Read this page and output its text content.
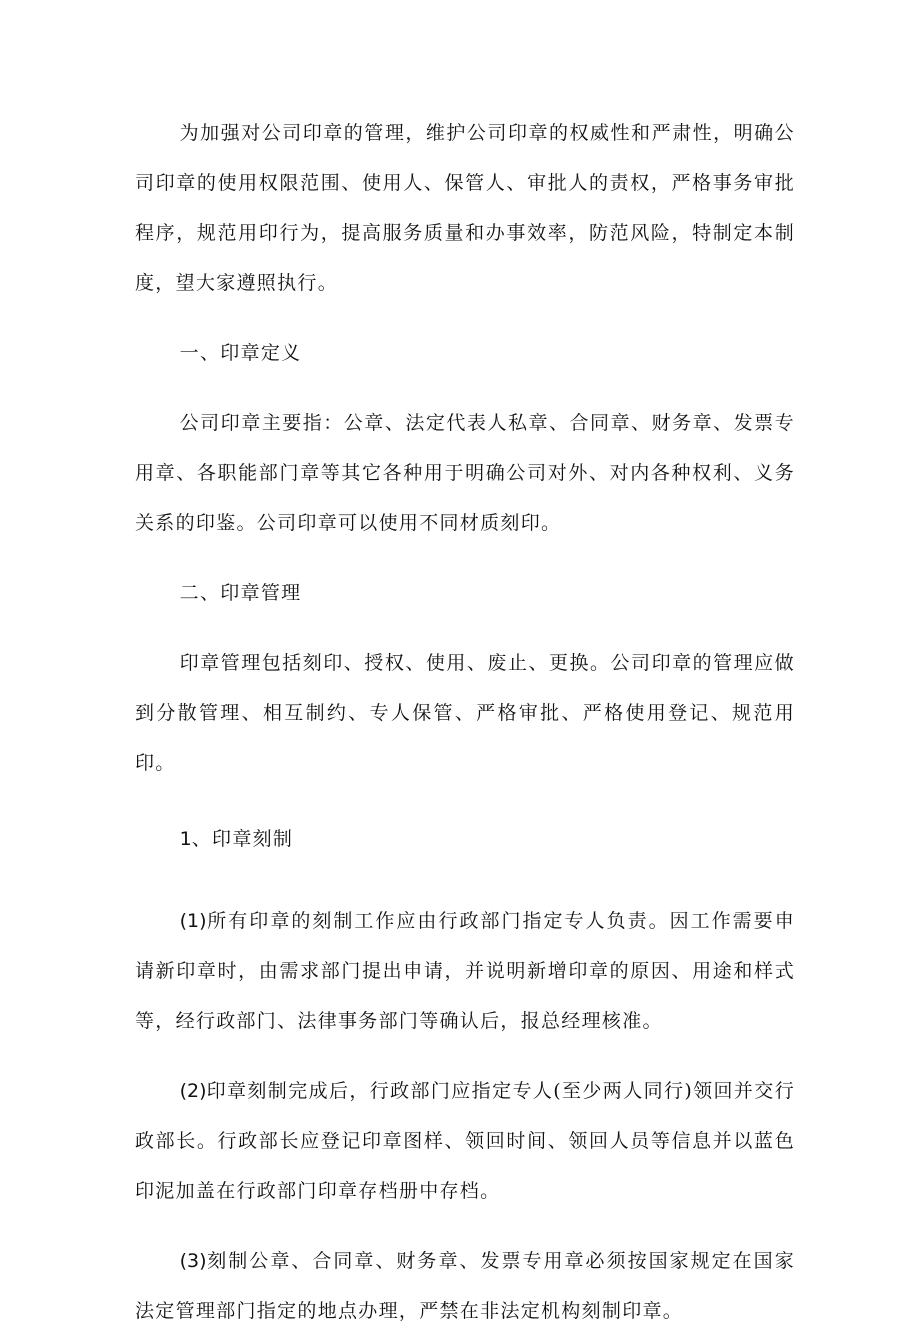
为加强对公司印章的管理，维护公司印章的权威性和严肃性，明确公司印章的使用权限范围、使用人、保管人、审批人的责权，严格事务审批程序，规范用印行为，提高服务质量和办事效率，防范风险，特制定本制度，望大家遵照执行。

一、印章定义

公司印章主要指：公章、法定代表人私章、合同章、财务章、发票专用章、各职能部门章等其它各种用于明确公司对外、对内各种权利、义务关系的印鉴。公司印章可以使用不同材质刻印。

二、印章管理

印章管理包括刻印、授权、使用、废止、更换。公司印章的管理应做到分散管理、相互制约、专人保管、严格审批、严格使用登记、规范用印。

1、印章刻制

(1)所有印章的刻制工作应由行政部门指定专人负责。因工作需要申请新印章时，由需求部门提出申请，并说明新增印章的原因、用途和样式等，经行政部门、法律事务部门等确认后，报总经理核准。

(2)印章刻制完成后，行政部门应指定专人(至少两人同行)领回并交行政部长。行政部长应登记印章图样、领回时间、领回人员等信息并以蓝色印泥加盖在行政部门印章存档册中存档。

(3)刻制公章、合同章、财务章、发票专用章必须按国家规定在国家法定管理部门指定的地点办理，严禁在非法定机构刻制印章。
